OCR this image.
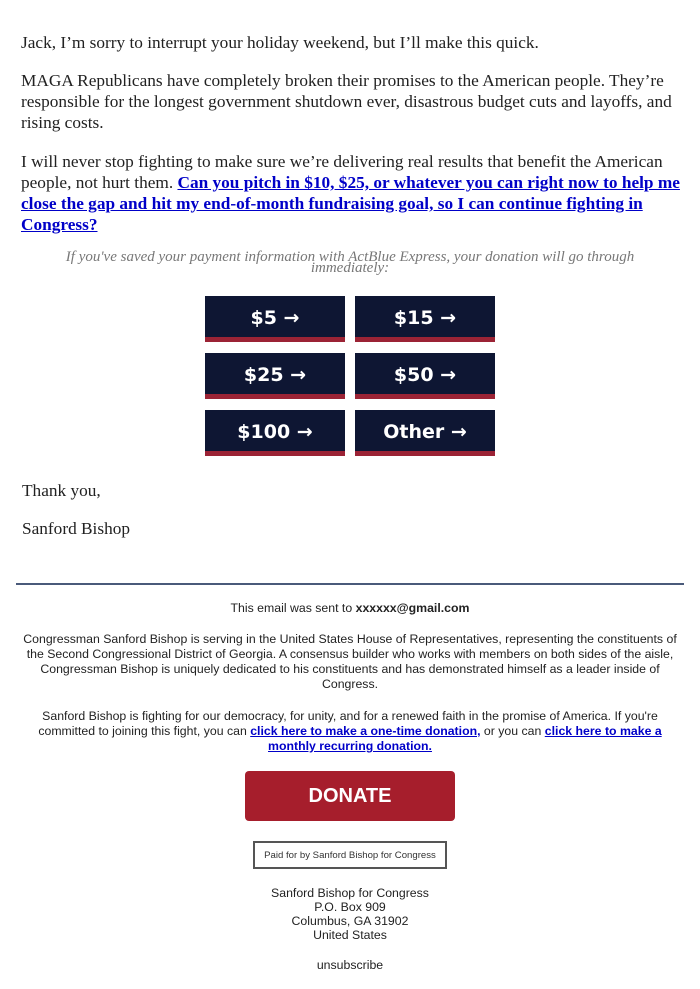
Jack, I’m sorry to interrupt your holiday weekend, but I’ll make this quick.

MAGA Republicans have completely broken their promises to the American people. They’re responsible for the longest government shutdown ever, disastrous budget cuts and layoffs, and rising costs.

I will never stop fighting to make sure we’re delivering real results that benefit the American people, not hurt them. Can you pitch in $10, $25, or whatever you can right now to help me close the gap and hit my end-of-month fundraising goal, so I can continue fighting in Congress?

If you've saved your payment information with ActBlue Express, your donation will go through immediately:

$5 →	$15 →
$25 →	$50 →
$100 →	Other →

Thank you,

Sanford Bishop

This email was sent to xxxxxx@gmail.com

Congressman Sanford Bishop is serving in the United States House of Representatives, representing the constituents of the Second Congressional District of Georgia. A consensus builder who works with members on both sides of the aisle, Congressman Bishop is uniquely dedicated to his constituents and has demonstrated himself as a leader inside of Congress.

Sanford Bishop is fighting for our democracy, for unity, and for a renewed faith in the promise of America. If you're committed to joining this fight, you can click here to make a one-time donation, or you can click here to make a monthly recurring donation.

DONATE
Paid for by Sanford Bishop for Congress

Sanford Bishop for Congress

P.O. Box 909

Columbus, GA 31902

United States

unsubscribe
